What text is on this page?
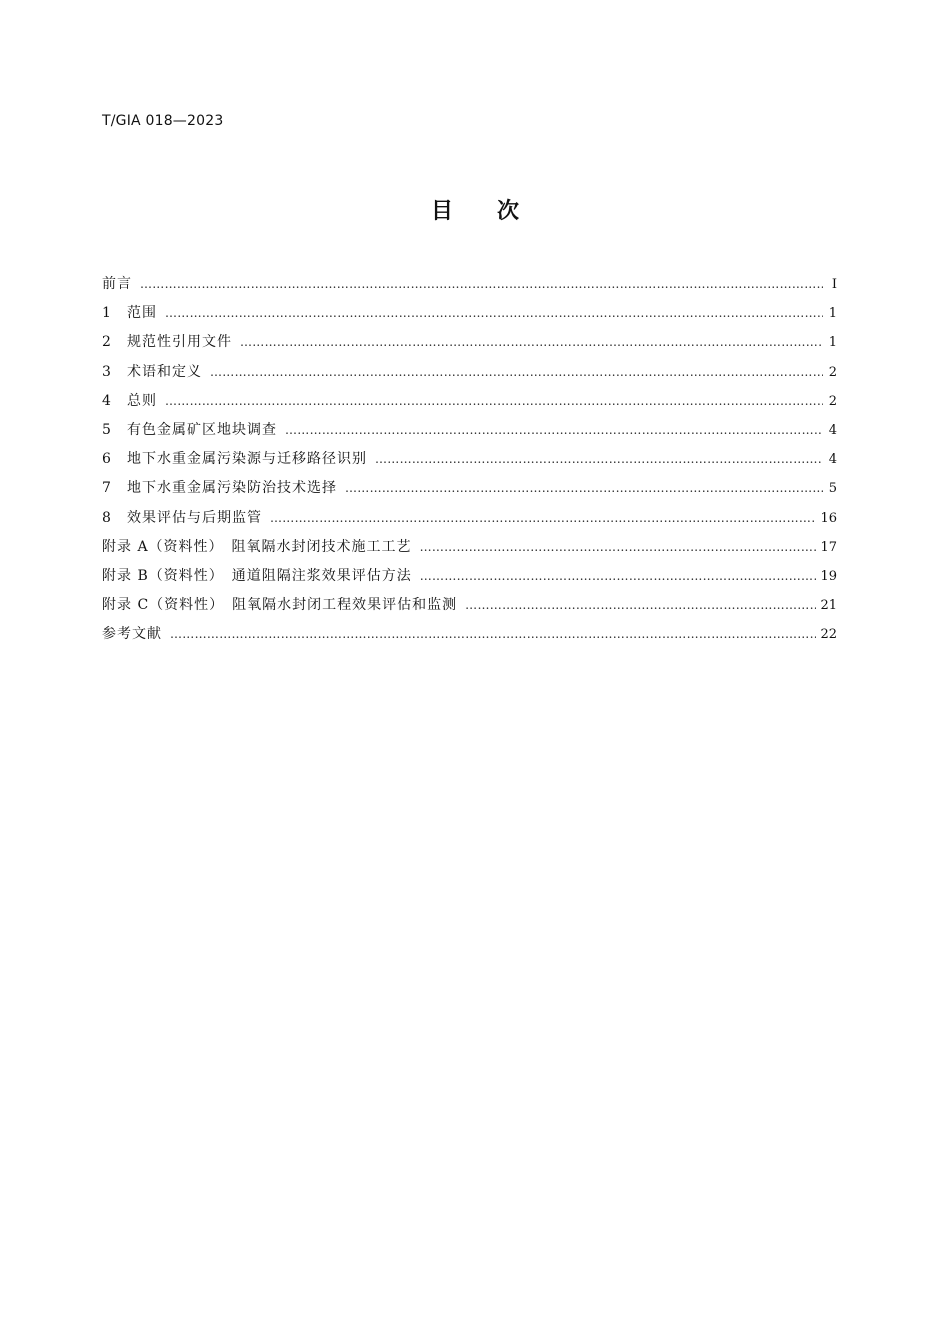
T/GIA 018—2023
目次
前言 ……………………………………………………………………………………………………………………………………………………………………………………………………………	I
1	范围 ……………………………………………………………………………………………………………………………………………………………………………………………………………	1
2	规范性引用文件 ……………………………………………………………………………………………………………………………………………………………………………………………………………	1
3	术语和定义 ……………………………………………………………………………………………………………………………………………………………………………………………………………	2
4	总则 ……………………………………………………………………………………………………………………………………………………………………………………………………………	2
5	有色金属矿区地块调查 ……………………………………………………………………………………………………………………………………………………………………………………………………………	4
6	地下水重金属污染源与迁移路径识别 ……………………………………………………………………………………………………………………………………………………………………………………………………………	4
7	地下水重金属污染防治技术选择 ……………………………………………………………………………………………………………………………………………………………………………………………………………	5
8	效果评估与后期监管 ……………………………………………………………………………………………………………………………………………………………………………………………………………	16
附录 A（资料性）　阻氧隔水封闭技术施工工艺 ……………………………………………………………………………………………………………………………………………………………………………………………………………	17
附录 B（资料性）　通道阻隔注浆效果评估方法 ……………………………………………………………………………………………………………………………………………………………………………………………………………	19
附录 C（资料性）　阻氧隔水封闭工程效果评估和监测 ……………………………………………………………………………………………………………………………………………………………………………………………………………	21
参考文献 ……………………………………………………………………………………………………………………………………………………………………………………………………………	22
